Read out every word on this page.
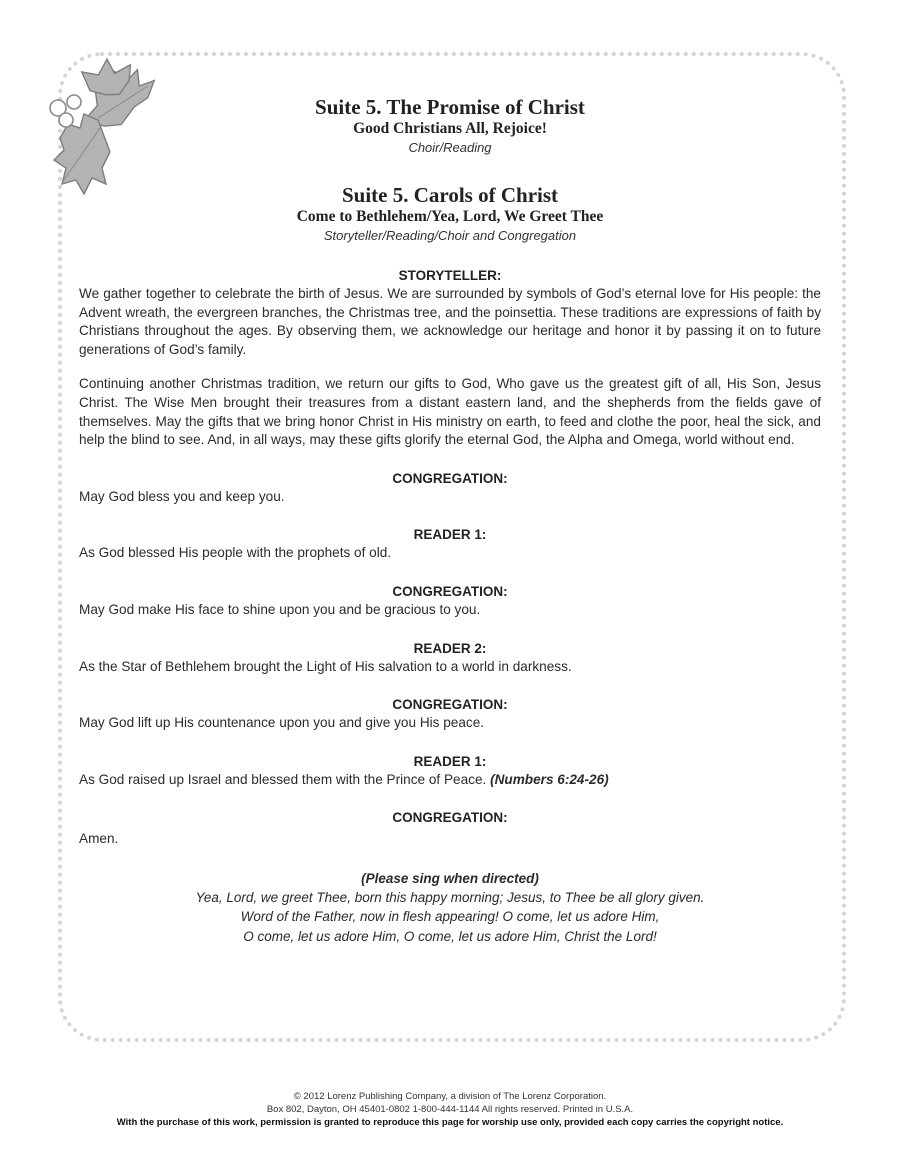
Suite 5. The Promise of Christ

Good Christians All, Rejoice!

Choir/Reading

Suite 5. Carols of Christ

Come to Bethlehem/Yea, Lord, We Greet Thee

Storyteller/Reading/Choir and Congregation

STORYTELLER:

We gather together to celebrate the birth of Jesus. We are surrounded by symbols of God’s eternal love for His people: the Advent wreath, the evergreen branches, the Christmas tree, and the poinsettia. These traditions are expressions of faith by Christians throughout the ages. By observing them, we acknowledge our heritage and honor it by passing it on to future generations of God’s family.

Continuing another Christmas tradition, we return our gifts to God, Who gave us the greatest gift of all, His Son, Jesus Christ. The Wise Men brought their treasures from a distant eastern land, and the shepherds from the fields gave of themselves. May the gifts that we bring honor Christ in His ministry on earth, to feed and clothe the poor, heal the sick, and help the blind to see. And, in all ways, may these gifts glorify the eternal God, the Alpha and Omega, world without end.

CONGREGATION:

May God bless you and keep you.

READER 1:

As God blessed His people with the prophets of old.

CONGREGATION:

May God make His face to shine upon you and be gracious to you.

READER 2:

As the Star of Bethlehem brought the Light of His salvation to a world in darkness.

CONGREGATION:

May God lift up His countenance upon you and give you His peace.

READER 1:

As God raised up Israel and blessed them with the Prince of Peace. (Numbers 6:24-26)

CONGREGATION:

Amen.

(Please sing when directed)

Yea, Lord, we greet Thee, born this happy morning; Jesus, to Thee be all glory given.

Word of the Father, now in flesh appearing! O come, let us adore Him,

O come, let us adore Him, O come, let us adore Him, Christ the Lord!

© 2012 Lorenz Publishing Company, a division of The Lorenz Corporation.

Box 802, Dayton, OH 45401-0802 1-800-444-1144 All rights reserved. Printed in U.S.A.

With the purchase of this work, permission is granted to reproduce this page for worship use only, provided each copy carries the copyright notice.
